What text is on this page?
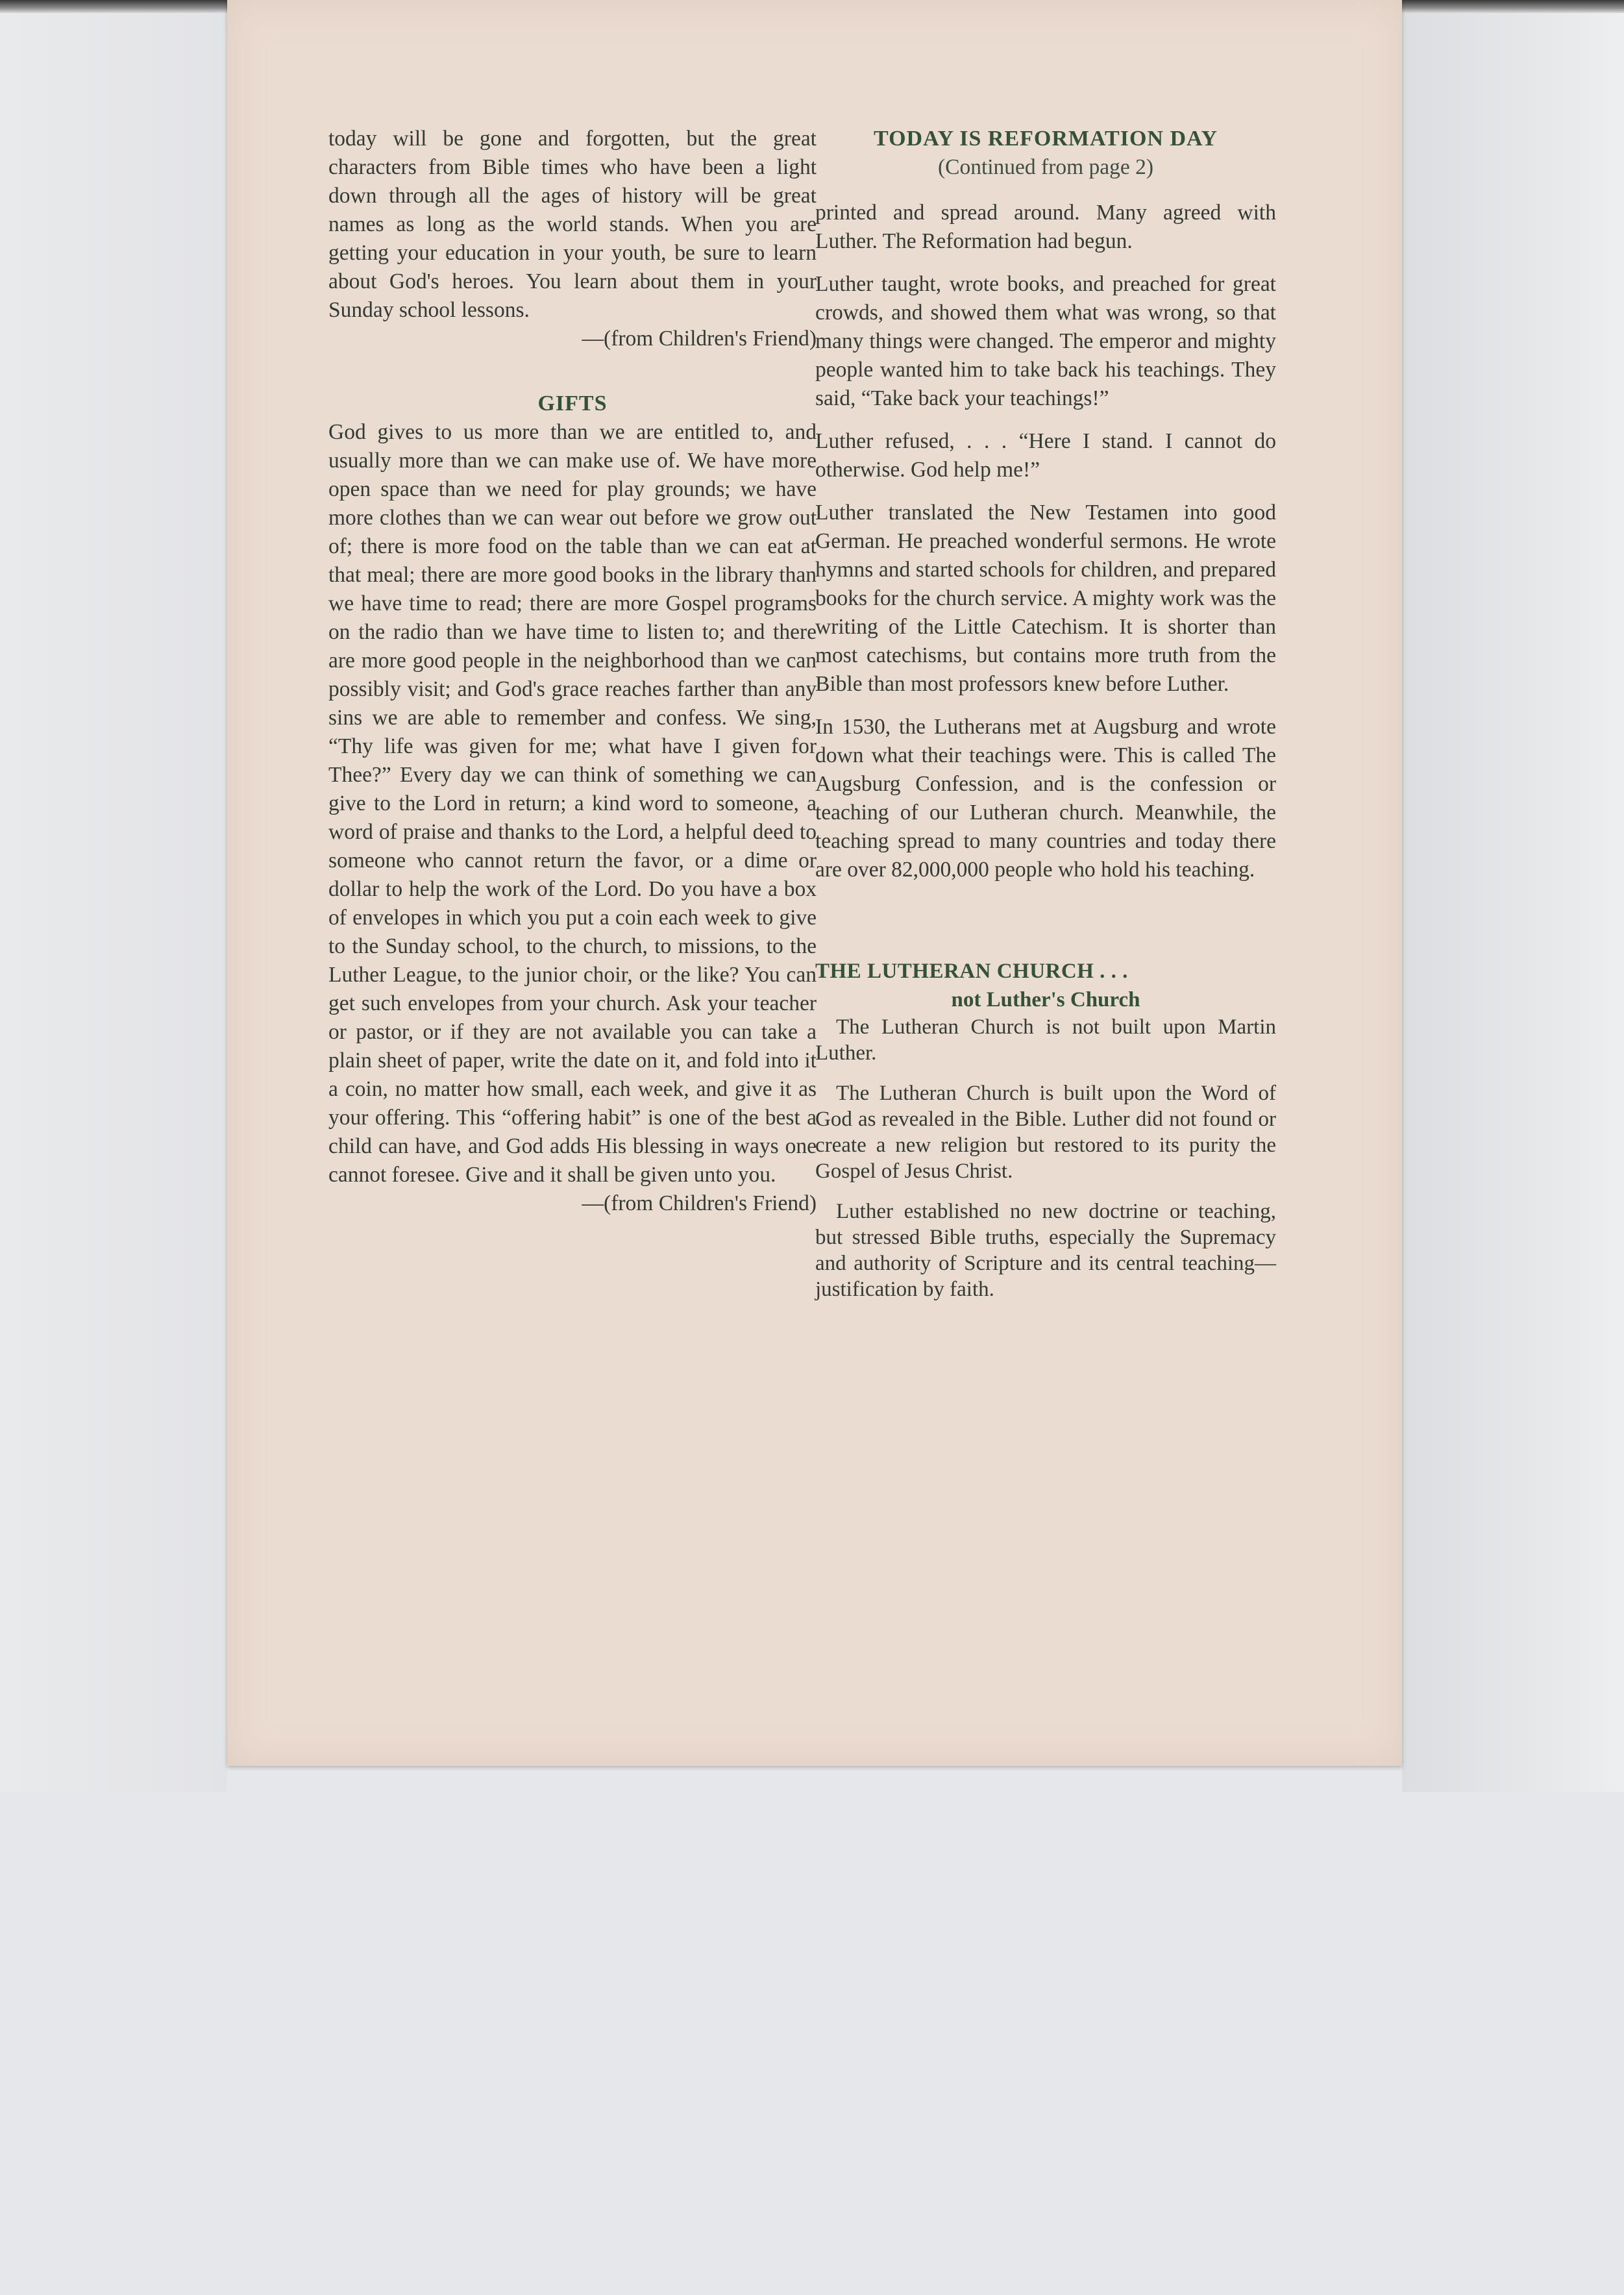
today will be gone and forgotten, but the great characters from Bible times who have been a light down through all the ages of history will be great names as long as the world stands. When you are getting your education in your youth, be sure to learn about God's heroes. You learn about them in your Sunday school lessons.

—(from Children's Friend)

GIFTS

God gives to us more than we are entitled to, and usually more than we can make use of. We have more open space than we need for play grounds; we have more clothes than we can wear out before we grow out of; there is more food on the table than we can eat at that meal; there are more good books in the library than we have time to read; there are more Gospel programs on the radio than we have time to listen to; and there are more good people in the neighborhood than we can possibly visit; and God's grace reaches farther than any sins we are able to remember and confess. We sing, “Thy life was given for me; what have I given for Thee?” Every day we can think of something we can give to the Lord in return; a kind word to someone, a word of praise and thanks to the Lord, a helpful deed to someone who cannot return the favor, or a dime or dollar to help the work of the Lord. Do you have a box of envelopes in which you put a coin each week to give to the Sunday school, to the church, to missions, to the Luther League, to the junior choir, or the like? You can get such envelopes from your church. Ask your teacher or pastor, or if they are not available you can take a plain sheet of paper, write the date on it, and fold into it a coin, no matter how small, each week, and give it as your offering. This “offering habit” is one of the best a child can have, and God adds His blessing in ways one cannot foresee. Give and it shall be given unto you.

—(from Children's Friend)

TODAY IS REFORMATION DAY
(Continued from page 2)

printed and spread around. Many agreed with Luther. The Reformation had begun.

Luther taught, wrote books, and preached for great crowds, and showed them what was wrong, so that many things were changed. The emperor and mighty people wanted him to take back his teachings. They said, “Take back your teachings!”

Luther refused, . . . “Here I stand. I cannot do otherwise. God help me!”

Luther translated the New Testamen into good German. He preached wonderful sermons. He wrote hymns and started schools for children, and prepared books for the church service. A mighty work was the writing of the Little Catechism. It is shorter than most catechisms, but contains more truth from the Bible than most professors knew before Luther.

In 1530, the Lutherans met at Augsburg and wrote down what their teachings were. This is called The Augsburg Confession, and is the confession or teaching of our Lutheran church. Meanwhile, the teaching spread to many countries and today there are over 82,000,000 people who hold his teaching.

THE LUTHERAN CHURCH . . .
not Luther's Church

The Lutheran Church is not built upon Martin Luther.

The Lutheran Church is built upon the Word of God as revealed in the Bible. Luther did not found or create a new religion but restored to its purity the Gospel of Jesus Christ.

Luther established no new doctrine or teaching, but stressed Bible truths, especially the Supremacy and authority of Scripture and its central teaching— justification by faith.
